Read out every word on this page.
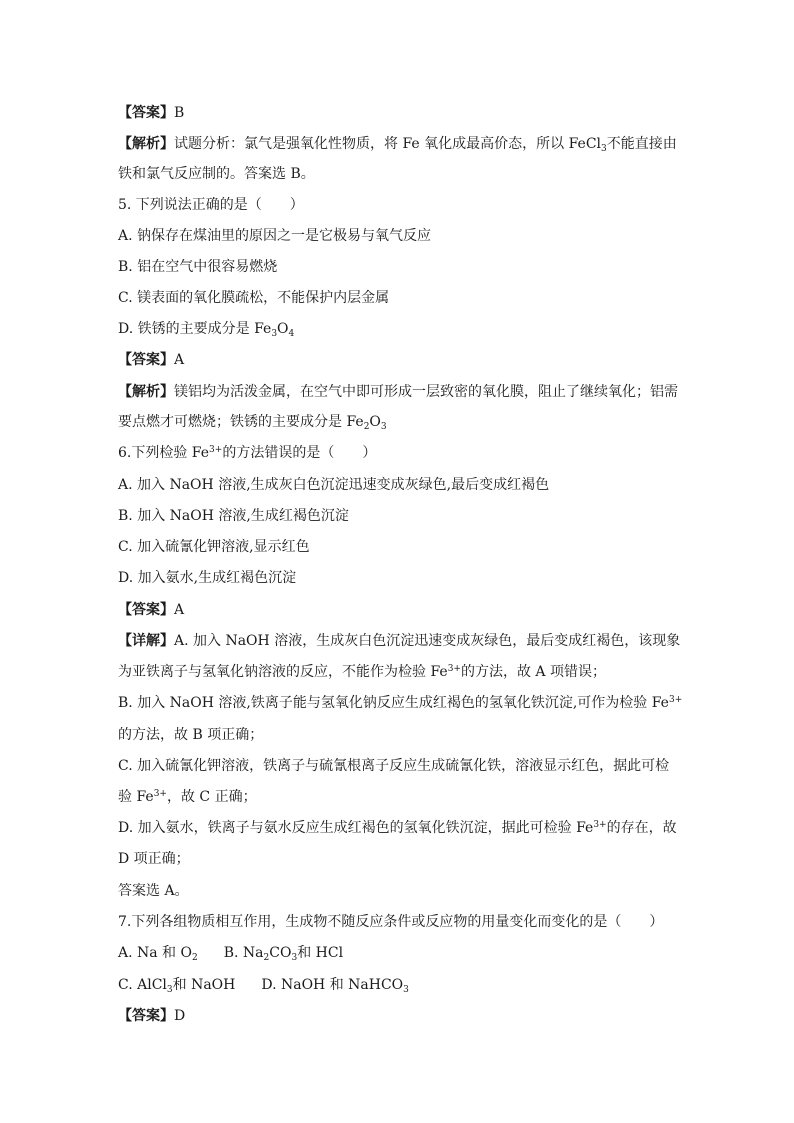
【答案】B
【解析】试题分析：氯气是强氧化性物质，将 Fe 氧化成最高价态，所以 FeCl$_3$不能直接由
铁和氯气反应制的。答案选 B。
5. 下列说法正确的是（　　）
A. 钠保存在煤油里的原因之一是它极易与氧气反应
B. 铝在空气中很容易燃烧
C. 镁表面的氧化膜疏松，不能保护内层金属
D. 铁锈的主要成分是 $Fe_3O_4$
【答案】A
【解析】镁铝均为活泼金属，在空气中即可形成一层致密的氧化膜，阻止了继续氧化；铝需
要点燃才可燃烧；铁锈的主要成分是 $Fe_2O_3$
6.下列检验 $Fe^{3+}$的方法错误的是（　　）
A. 加入 NaOH 溶液,生成灰白色沉淀迅速变成灰绿色,最后变成红褐色
B. 加入 NaOH 溶液,生成红褐色沉淀
C. 加入硫氰化钾溶液,显示红色
D. 加入氨水,生成红褐色沉淀
【答案】A
【详解】A. 加入 NaOH 溶液，生成灰白色沉淀迅速变成灰绿色，最后变成红褐色，该现象
为亚铁离子与氢氧化钠溶液的反应，不能作为检验 $Fe^{3+}$的方法，故 A 项错误；
B. 加入 NaOH 溶液,铁离子能与氢氧化钠反应生成红褐色的氢氧化铁沉淀,可作为检验 $Fe^{3+}$
的方法，故 B 项正确；
C. 加入硫氰化钾溶液，铁离子与硫氰根离子反应生成硫氰化铁，溶液显示红色，据此可检
验 $Fe^{3+}$，故 C 正确；
D. 加入氨水，铁离子与氨水反应生成红褐色的氢氧化铁沉淀，据此可检验 $Fe^{3+}$的存在，故
D 项正确；
答案选 A。
7.下列各组物质相互作用，生成物不随反应条件或反应物的用量变化而变化的是（　　）
A. Na 和 $O_2$ B. $Na_2CO_3$和 HCl
C. AlCl$_3$和 NaOH D. NaOH 和 NaHCO$_3$
【答案】D
